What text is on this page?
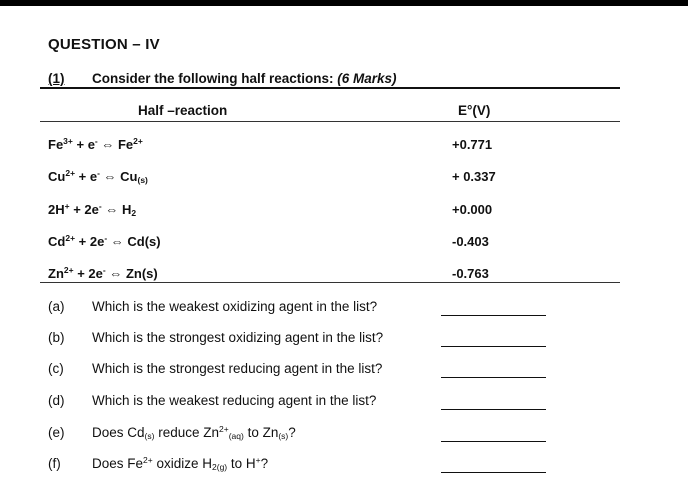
QUESTION – IV
(1) Consider the following half reactions: (6 Marks)
Half –reaction	E°(V)
$Fe^{3+} + e^-$ ⇔ $Fe^{2+}$	+0.771
$Cu^{2+} + e^-$ ⇔ $Cu_{(s)}$	+ 0.337
2H+ + 2e- ⇔ $H_2$	+0.000
$Cd^{2+} + 2e^-$ ⇔ Cd(s)	-0.403
$Zn^{2+} + 2e^-$ ⇔ Zn(s)	-0.763
(a) Which is the weakest oxidizing agent in the list?
(b) Which is the strongest oxidizing agent in the list?
(c) Which is the strongest reducing agent in the list?
(d) Which is the weakest reducing agent in the list?
(e) Does $Cd_{(s)}$ reduce $Zn^{2+}_{(aq)}$ to $Zn_{(s)}$?
(f) Does $Fe^{2+}$ oxidize $H_{2(g)}$ to H+?
